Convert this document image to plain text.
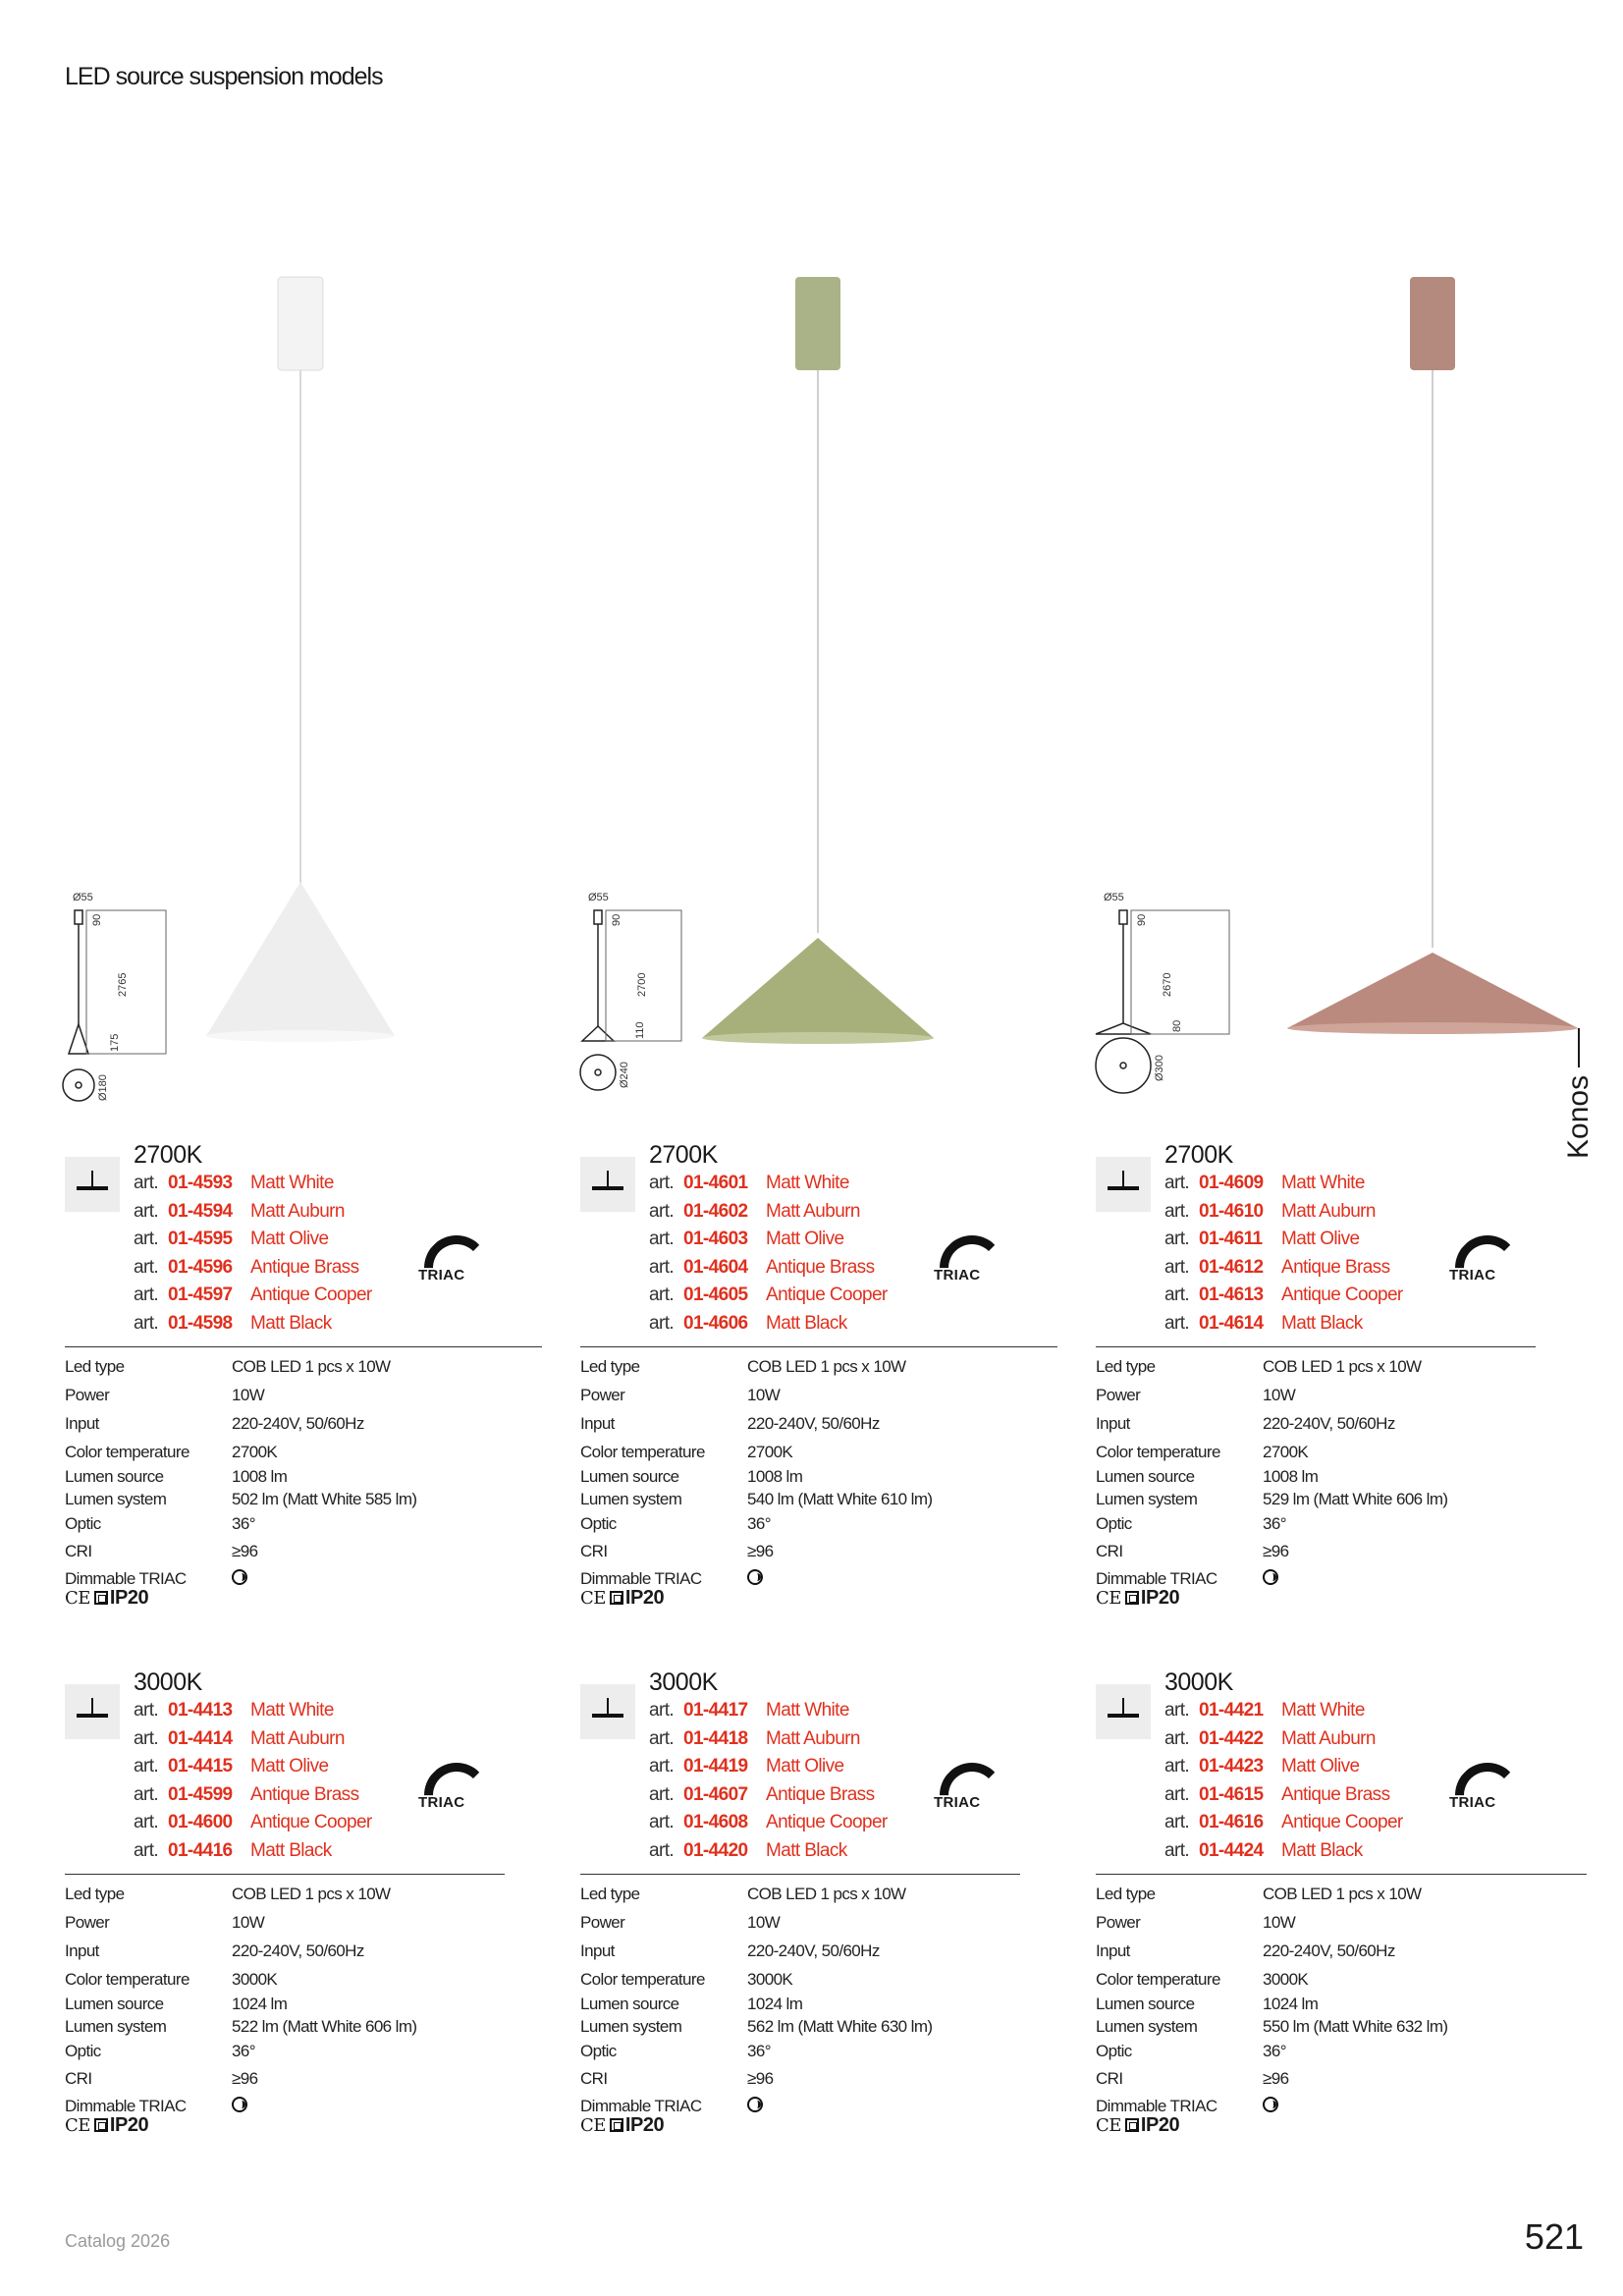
LED source suspension models
Konos
Catalog 2026	521
Ø55
90
2765
175
Ø180
2700K
art. 01-4593 Matt White
art. 01-4594 Matt Auburn
art. 01-4595 Matt Olive
art. 01-4596 Antique Brass
art. 01-4597 Antique Cooper
art. 01-4598 Matt Black
TRIAC
Led type	COB LED 1 pcs x 10W
Power	10W
Input	220-240V, 50/60Hz
Color temperature	2700K
Lumen source	1008 lm
Lumen system	502 lm (Matt White 585 lm)
Optic	36°
CRI	≥96
Dimmable TRIAC
CE IP20
3000K
art. 01-4413 Matt White
art. 01-4414 Matt Auburn
art. 01-4415 Matt Olive
art. 01-4599 Antique Brass
art. 01-4600 Antique Cooper
art. 01-4416 Matt Black
TRIAC
Led type	COB LED 1 pcs x 10W
Power	10W
Input	220-240V, 50/60Hz
Color temperature	3000K
Lumen source	1024 lm
Lumen system	522 lm (Matt White 606 lm)
Optic	36°
CRI	≥96
Dimmable TRIAC
CE IP20
Ø55
90
2700
110
Ø240
2700K
art. 01-4601 Matt White
art. 01-4602 Matt Auburn
art. 01-4603 Matt Olive
art. 01-4604 Antique Brass
art. 01-4605 Antique Cooper
art. 01-4606 Matt Black
TRIAC
Led type	COB LED 1 pcs x 10W
Power	10W
Input	220-240V, 50/60Hz
Color temperature	2700K
Lumen source	1008 lm
Lumen system	540 lm (Matt White 610 lm)
Optic	36°
CRI	≥96
Dimmable TRIAC
CE IP20
3000K
art. 01-4417 Matt White
art. 01-4418 Matt Auburn
art. 01-4419 Matt Olive
art. 01-4607 Antique Brass
art. 01-4608 Antique Cooper
art. 01-4420 Matt Black
TRIAC
Led type	COB LED 1 pcs x 10W
Power	10W
Input	220-240V, 50/60Hz
Color temperature	3000K
Lumen source	1024 lm
Lumen system	562 lm (Matt White 630 lm)
Optic	36°
CRI	≥96
Dimmable TRIAC
CE IP20
Ø55
90
2670
80
Ø300
2700K
art. 01-4609 Matt White
art. 01-4610 Matt Auburn
art. 01-4611 Matt Olive
art. 01-4612 Antique Brass
art. 01-4613 Antique Cooper
art. 01-4614 Matt Black
TRIAC
Led type	COB LED 1 pcs x 10W
Power	10W
Input	220-240V, 50/60Hz
Color temperature	2700K
Lumen source	1008 lm
Lumen system	529 lm (Matt White 606 lm)
Optic	36°
CRI	≥96
Dimmable TRIAC
CE IP20
3000K
art. 01-4421 Matt White
art. 01-4422 Matt Auburn
art. 01-4423 Matt Olive
art. 01-4615 Antique Brass
art. 01-4616 Antique Cooper
art. 01-4424 Matt Black
TRIAC
Led type	COB LED 1 pcs x 10W
Power	10W
Input	220-240V, 50/60Hz
Color temperature	3000K
Lumen source	1024 lm
Lumen system	550 lm (Matt White 632 lm)
Optic	36°
CRI	≥96
Dimmable TRIAC
CE IP20
